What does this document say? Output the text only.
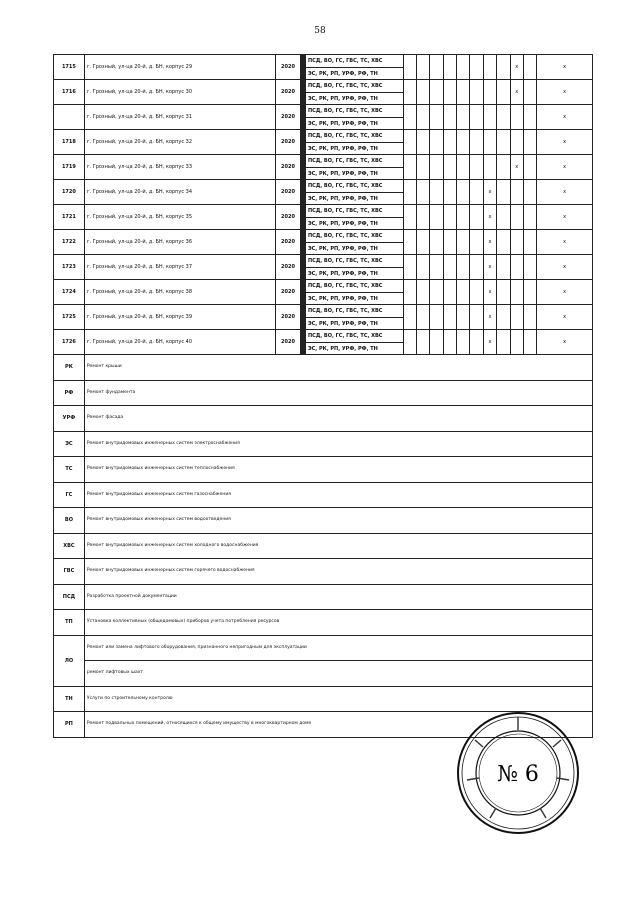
58
1715	г. Грозный, ул-ца 20-й, д. БН, корпус 29	2020		ПСД, ВО, ГС, ГВС, ТС, ХВС									x		x
				ЭС, РК, РП, УРФ, РФ, ТН											
1716	г. Грозный, ул-ца 20-й, д. БН, корпус 30	2020		ПСД, ВО, ГС, ГВС, ТС, ХВС									x		x
				ЭС, РК, РП, УРФ, РФ, ТН											
	г. Грозный, ул-ца 20-й, д. БН, корпус 31	2020		ПСД, ВО, ГС, ГВС, ТС, ХВС											x
				ЭС, РК, РП, УРФ, РФ, ТН											
1718	г. Грозный, ул-ца 20-й, д. БН, корпус 32	2020		ПСД, ВО, ГС, ГВС, ТС, ХВС											x
				ЭС, РК, РП, УРФ, РФ, ТН											
1719	г. Грозный, ул-ца 20-й, д. БН, корпус 33	2020		ПСД, ВО, ГС, ГВС, ТС, ХВС									x		x
				ЭС, РК, РП, УРФ, РФ, ТН											
1720	г. Грозный, ул-ца 20-й, д. БН, корпус 34	2020		ПСД, ВО, ГС, ГВС, ТС, ХВС							x				x
				ЭС, РК, РП, УРФ, РФ, ТН											
1721	г. Грозный, ул-ца 20-й, д. БН, корпус 35	2020		ПСД, ВО, ГС, ГВС, ТС, ХВС							x				x
				ЭС, РК, РП, УРФ, РФ, ТН											
1722	г. Грозный, ул-ца 20-й, д. БН, корпус 36	2020		ПСД, ВО, ГС, ГВС, ТС, ХВС							x				x
				ЭС, РК, РП, УРФ, РФ, ТН											
1723	г. Грозный, ул-ца 20-й, д. БН, корпус 37	2020		ПСД, ВО, ГС, ГВС, ТС, ХВС							x				x
				ЭС, РК, РП, УРФ, РФ, ТН											
1724	г. Грозный, ул-ца 20-й, д. БН, корпус 38	2020		ПСД, ВО, ГС, ГВС, ТС, ХВС							x				x
				ЭС, РК, РП, УРФ, РФ, ТН											
1725	г. Грозный, ул-ца 20-й, д. БН, корпус 39	2020		ПСД, ВО, ГС, ГВС, ТС, ХВС							x				x
				ЭС, РК, РП, УРФ, РФ, ТН											
1726	г. Грозный, ул-ца 20-й, д. БН, корпус 40	2020		ПСД, ВО, ГС, ГВС, ТС, ХВС							x				x
				ЭС, РК, РП, УРФ, РФ, ТН											
РК	Ремонт крыши														
РФ	Ремонт фундамента														
УРФ	Ремонт фасада														
ЭС	Ремонт внутридомовых инженерных систем электроснабжения														
ТС	Ремонт внутридомовых инженерных систем теплоснабжения														
ГС	Ремонт внутридомовых инженерных систем газоснабжения														
ВО	Ремонт внутридомовых инженерных систем водоотведения														
ХВС	Ремонт внутридомовых инженерных систем холодного водоснабжения														
ГВС	Ремонт внутридомовых инженерных систем горячего водоснабжения														
ПСД	Разработка проектной документации														
ТП	Установка коллективных (общедомовых) приборов учета потребления ресурсов														
ЛО	Ремонт или замена лифтового оборудования, признанного непригодным для эксплуатации														
	ремонт лифтовых шахт														
ТН	Услуги по строительному контролю														
РП	Ремонт подвальных помещений, относящихся к общему имуществу в многоквартирном доме														
№ 6
